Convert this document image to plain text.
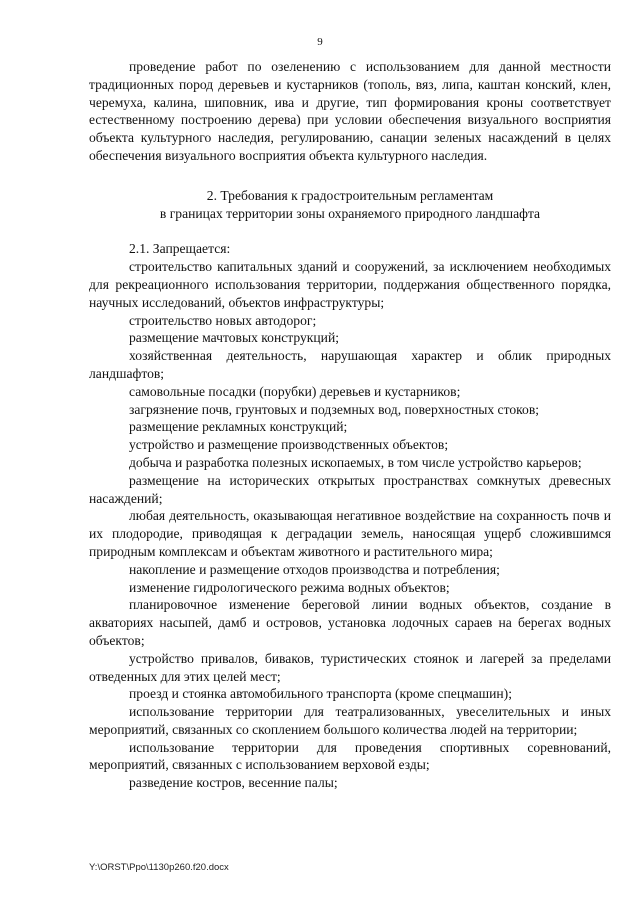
9

проведение работ по озеленению с использованием для данной местности традиционных пород деревьев и кустарников (тополь, вяз, липа, каштан конский, клен, черемуха, калина, шиповник, ива и другие, тип формирования кроны соответствует естественному построению дерева) при условии обеспечения визуального восприятия объекта культурного наследия, регулированию, санации зеленых насаждений в целях обеспечения визуального восприятия объекта культурного наследия.

2. Требования к градостроительным регламентам
в границах территории зоны охраняемого природного ландшафта

2.1. Запрещается:

строительство капитальных зданий и сооружений, за исключением необходимых для рекреационного использования территории, поддержания общественного порядка, научных исследований, объектов инфраструктуры;

строительство новых автодорог;

размещение мачтовых конструкций;

хозяйственная деятельность, нарушающая характер и облик природных ландшафтов;

самовольные посадки (порубки) деревьев и кустарников;

загрязнение почв, грунтовых и подземных вод, поверхностных стоков;

размещение рекламных конструкций;

устройство и размещение производственных объектов;

добыча и разработка полезных ископаемых, в том числе устройство карьеров;

размещение на исторических открытых пространствах сомкнутых древесных насаждений;

любая деятельность, оказывающая негативное воздействие на сохранность почв и их плодородие, приводящая к деградации земель, наносящая ущерб сложившимся природным комплексам и объектам животного и растительного мира;

накопление и размещение отходов производства и потребления;

изменение гидрологического режима водных объектов;

планировочное изменение береговой линии водных объектов, создание в акваториях насыпей, дамб и островов, установка лодочных сараев на берегах водных объектов;

устройство привалов, биваков, туристических стоянок и лагерей за пределами отведенных для этих целей мест;

проезд и стоянка автомобильного транспорта (кроме спецмашин);

использование территории для театрализованных, увеселительных и иных мероприятий, связанных со скоплением большого количества людей на территории;

использование территории для проведения спортивных соревнований, мероприятий, связанных с использованием верховой езды;

разведение костров, весенние палы;

Y:\ORST\Ppo\1130p260.f20.docx
